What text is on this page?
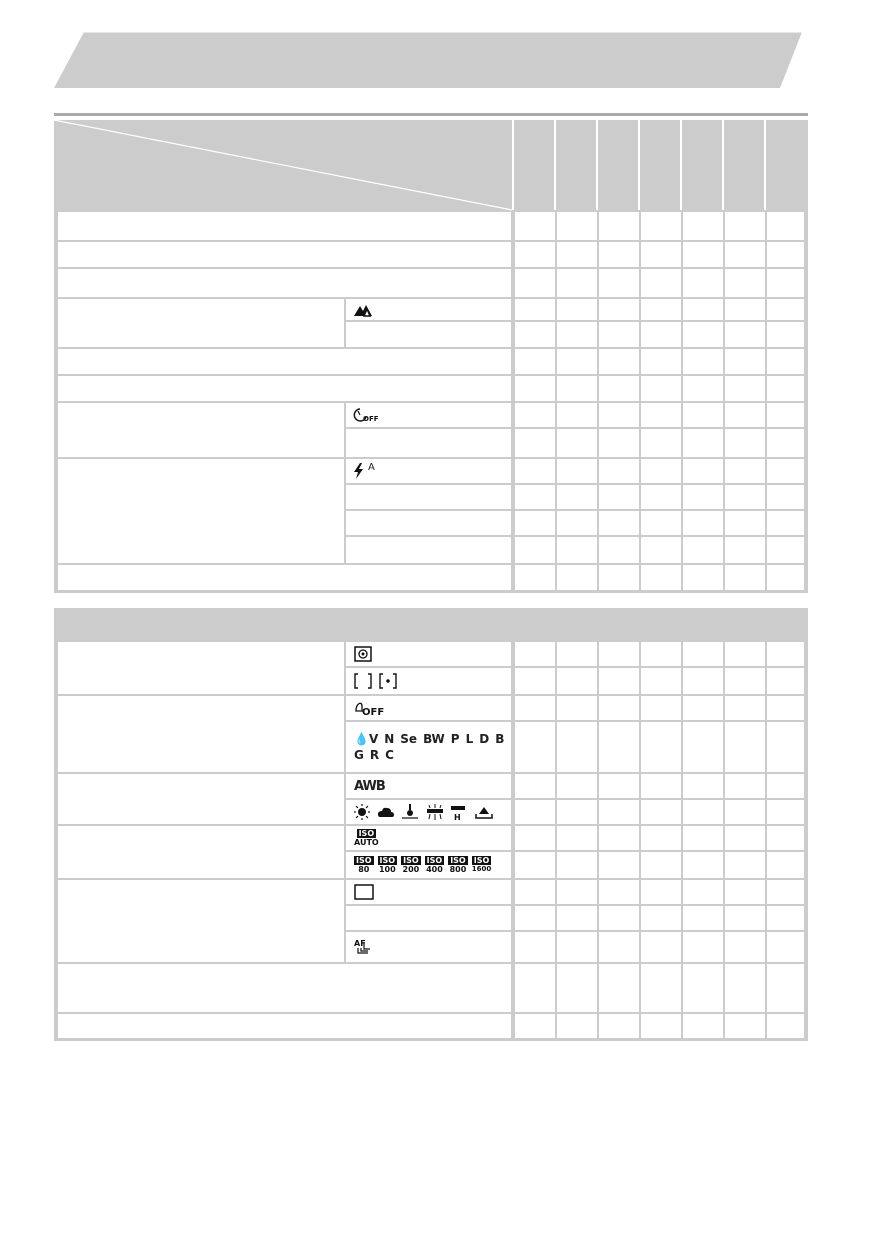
OFF
A
OFF
💧V N Se BW P L D B
G R C
AWB
H
ISO
AUTO
ISO
80
ISO
100
ISO
200
ISO
400
ISO
800
ISO
1600
AF
